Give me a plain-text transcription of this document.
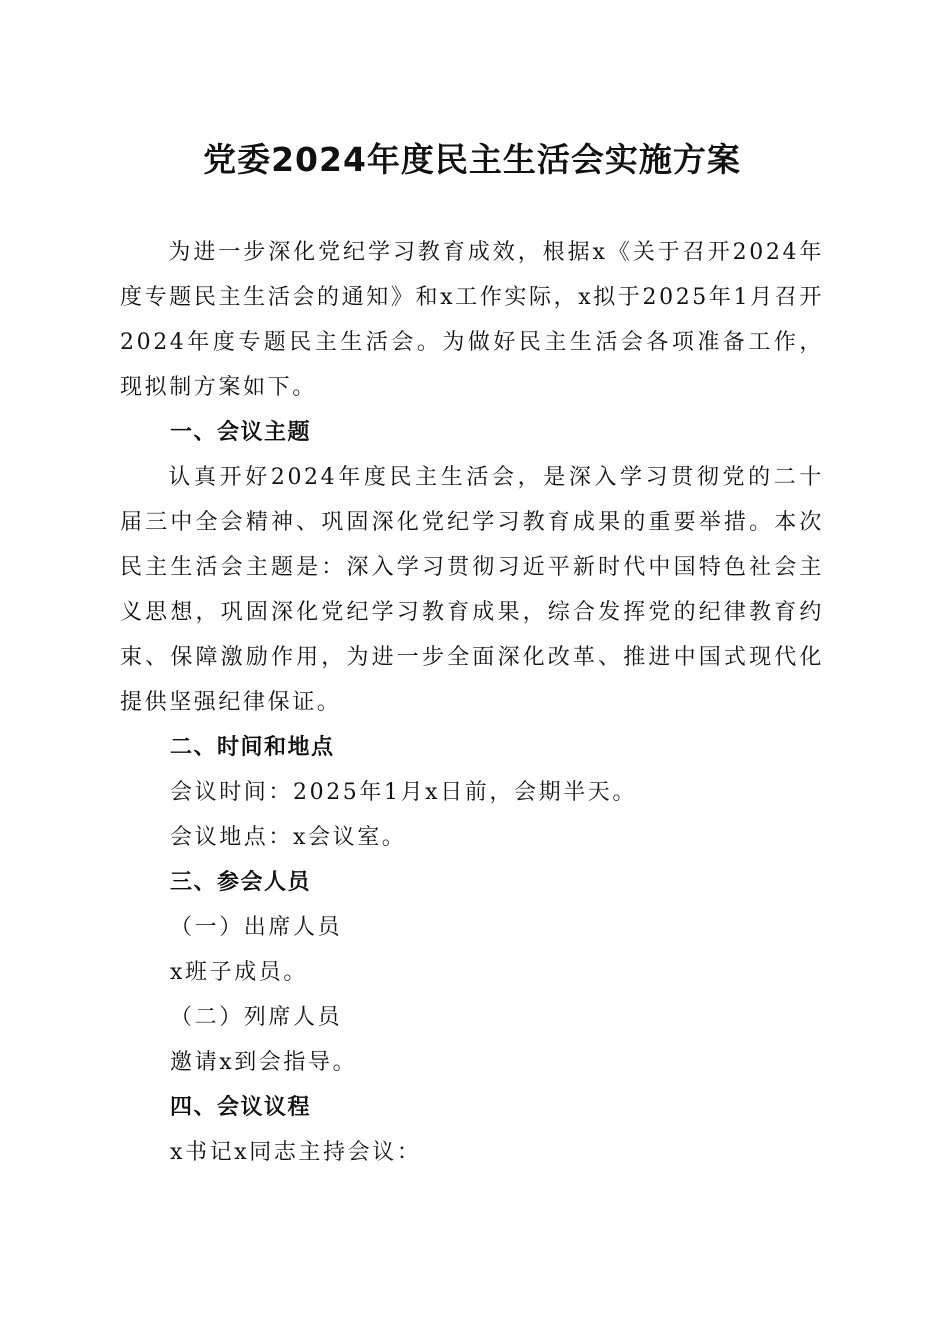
党委2024年度民主生活会实施方案

为进一步深化党纪学习教育成效，根据x《关于召开2024年度专题民主生活会的通知》和x工作实际，x拟于2025年1月召开2024年度专题民主生活会。为做好民主生活会各项准备工作，现拟制方案如下。

一、会议主题

认真开好2024年度民主生活会，是深入学习贯彻党的二十届三中全会精神、巩固深化党纪学习教育成果的重要举措。本次民主生活会主题是：深入学习贯彻习近平新时代中国特色社会主义思想，巩固深化党纪学习教育成果，综合发挥党的纪律教育约束、保障激励作用，为进一步全面深化改革、推进中国式现代化提供坚强纪律保证。

二、时间和地点

会议时间：2025年1月x日前，会期半天。

会议地点：x会议室。

三、参会人员

（一）出席人员

x班子成员。

（二）列席人员

邀请x到会指导。

四、会议议程

x书记x同志主持会议：
